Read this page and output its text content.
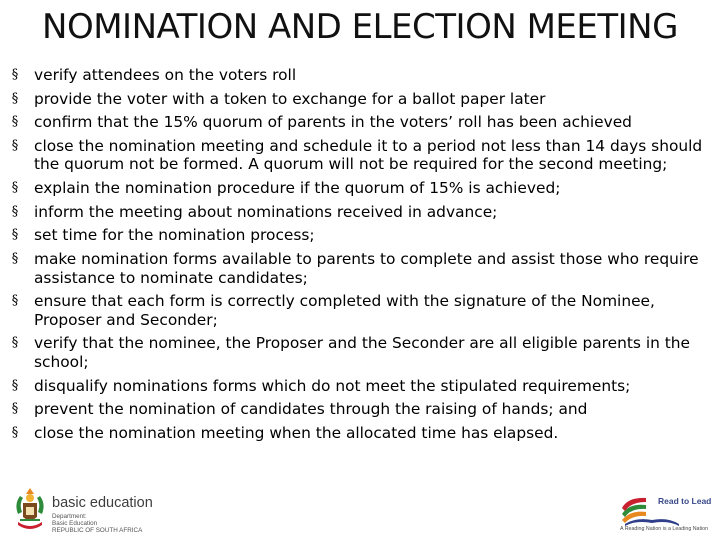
NOMINATION AND ELECTION MEETING
§ verify attendees on the voters roll
§ provide the voter with a token to exchange for a ballot paper later
§ confirm that the 15% quorum of parents in the voters’ roll has been achieved
§ close the nomination meeting and schedule it to a period not less than 14 days should the quorum not be formed. A quorum will not be required for the second meeting;
§ explain the nomination procedure if the quorum of 15% is achieved;
§ inform the meeting about nominations received in advance;
§ set time for the nomination process;
§ make nomination forms available to parents to complete and assist those who require assistance to nominate candidates;
§ ensure that each form is correctly completed with the signature of the Nominee, Proposer and Seconder;
§ verify that the nominee, the Proposer and the Seconder are all eligible parents in the school;
§ disqualify nominations forms which do not meet the stipulated requirements;
§ prevent the nomination of candidates through the raising of hands; and
§ close the nomination meeting when the allocated time has elapsed.
basic education
Department:
Basic Education
REPUBLIC OF SOUTH AFRICA
Read to Lead
A Reading Nation is a Leading Nation
